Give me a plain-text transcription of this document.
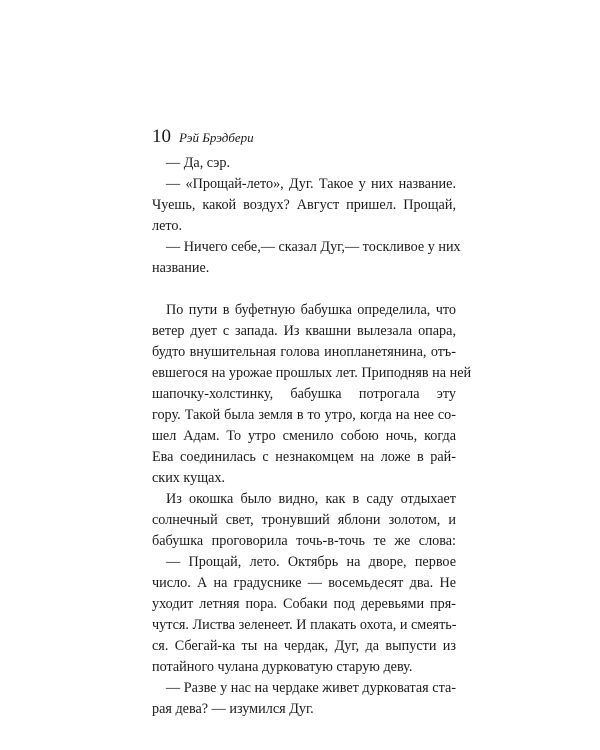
10 Рэй Брэдбери
— Да, сэр.
— «Прощай-лето», Дуг. Такое у них название.
Чуешь, какой воздух? Август пришел. Прощай,
лето.
— Ничего себе,— сказал Дуг,— тоскливое у них
название.
По пути в буфетную бабушка определила, что
ветер дует с запада. Из квашни вылезала опара,
будто внушительная голова инопланетянина, отъ-
евшегося на урожае прошлых лет. Приподняв на ней
шапочку-холстинку, бабушка потрогала эту
гору. Такой была земля в то утро, когда на нее со-
шел Адам. То утро сменило собою ночь, когда
Ева соединилась с незнакомцем на ложе в рай-
ских кущах.
Из окошка было видно, как в саду отдыхает
солнечный свет, тронувший яблони золотом, и
бабушка проговорила точь-в-точь те же слова:
— Прощай, лето. Октябрь на дворе, первое
число. А на градуснике — восемьдесят два. Не
уходит летняя пора. Собаки под деревьями пря-
чутся. Листва зеленеет. И плакать охота, и смеять-
ся. Сбегай-ка ты на чердак, Дуг, да выпусти из
потайного чулана дурковатую старую деву.
— Разве у нас на чердаке живет дурковатая ста-
рая дева? — изумился Дуг.
